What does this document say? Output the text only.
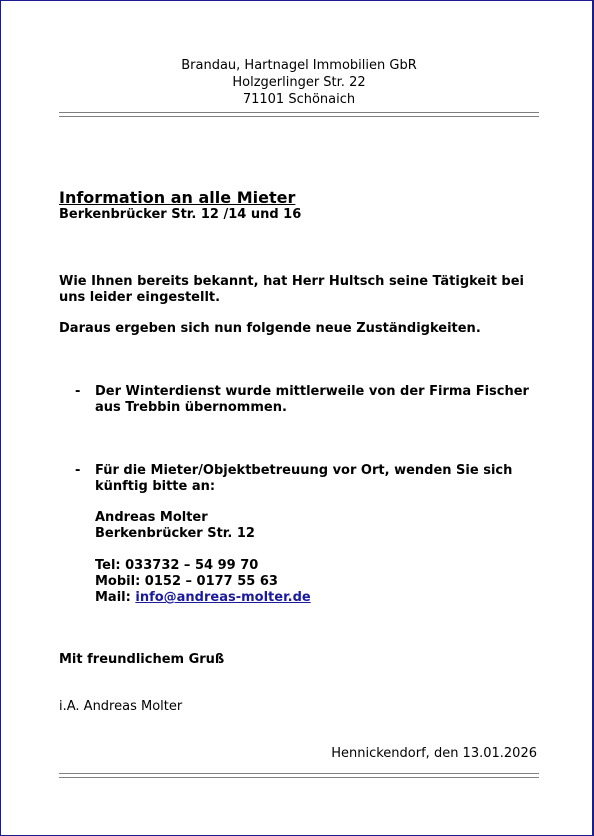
Brandau, Hartnagel Immobilien GbR
Holzgerlinger Str. 22
71101 Schönaich
Information an alle Mieter
Berkenbrücker Str. 12 /14 und 16
Wie Ihnen bereits bekannt, hat Herr Hultsch seine Tätigkeit bei
uns leider eingestellt.
Daraus ergeben sich nun folgende neue Zuständigkeiten.
- Der Winterdienst wurde mittlerweile von der Firma Fischer
aus Trebbin übernommen.
- Für die Mieter/Objektbetreuung vor Ort, wenden Sie sich
künftig bitte an:
Andreas Molter
Berkenbrücker Str. 12
Tel: 033732 – 54 99 70
Mobil: 0152 – 0177 55 63
Mail: info@andreas-molter.de
Mit freundlichem Gruß
i.A. Andreas Molter
Hennickendorf, den 13.01.2026
